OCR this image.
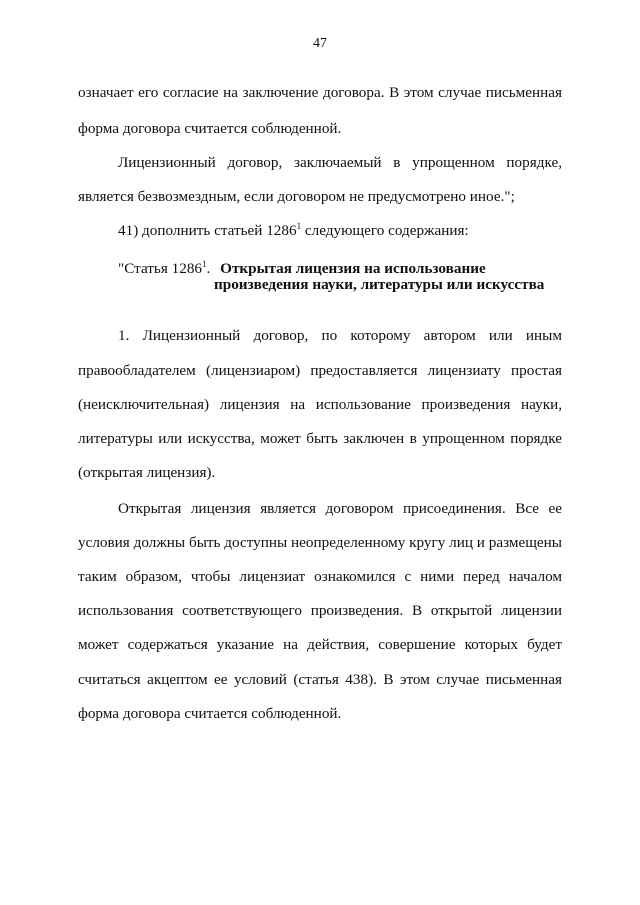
47
означает его согласие на заключение договора. В этом случае письменная
форма договора считается соблюденной.
Лицензионный договор, заключаемый в упрощенном порядке,
является безвозмездным, если договором не предусмотрено иное.";
41) дополнить статьей 1286$^1$ следующего содержания:
"Статья 1286$^1$. Открытая лицензия на использование
произведения науки, литературы или искусства
1. Лицензионный договор, по которому автором или иным
правообладателем (лицензиаром) предоставляется лицензиату простая
(неисключительная) лицензия на использование произведения науки,
литературы или искусства, может быть заключен в упрощенном порядке
(открытая лицензия).
Открытая лицензия является договором присоединения. Все ее
условия должны быть доступны неопределенному кругу лиц и размещены
таким образом, чтобы лицензиат ознакомился с ними перед началом
использования соответствующего произведения. В открытой лицензии
может содержаться указание на действия, совершение которых будет
считаться акцептом ее условий (статья 438). В этом случае письменная
форма договора считается соблюденной.
